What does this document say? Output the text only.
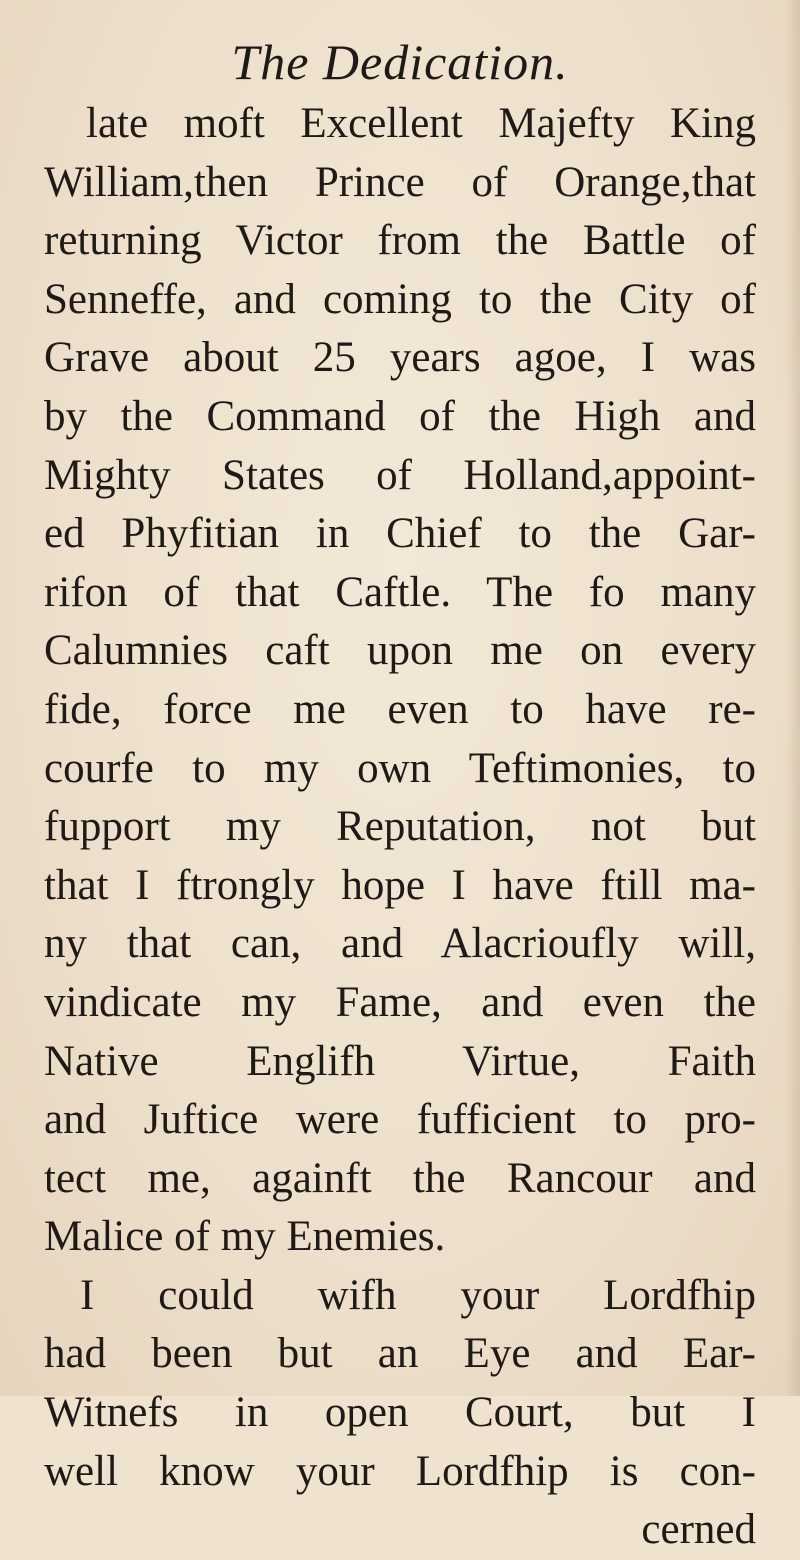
The Dedication.
late moft Excellent Majefty King
William,then Prince of Orange,that
returning Victor from the Battle of
Senneffe, and coming to the City of
Grave about 25 years agoe, I was
by the Command of the High and
Mighty States of Holland,appoint-
ed Phyfitian in Chief to the Gar-
rifon of that Caftle. The fo many
Calumnies caft upon me on every
fide, force me even to have re-
courfe to my own Teftimonies, to
fupport my Reputation, not but
that I ftrongly hope I have ftill ma-
ny that can, and Alacrioufly will,
vindicate my Fame, and even the
Native Englifh Virtue, Faith
and Juftice were fufficient to pro-
tect me, againft the Rancour and
Malice of my Enemies.
I could wifh your Lordfhip
had been but an Eye and Ear-
Witnefs in open Court, but I
well know your Lordfhip is con-
cerned
